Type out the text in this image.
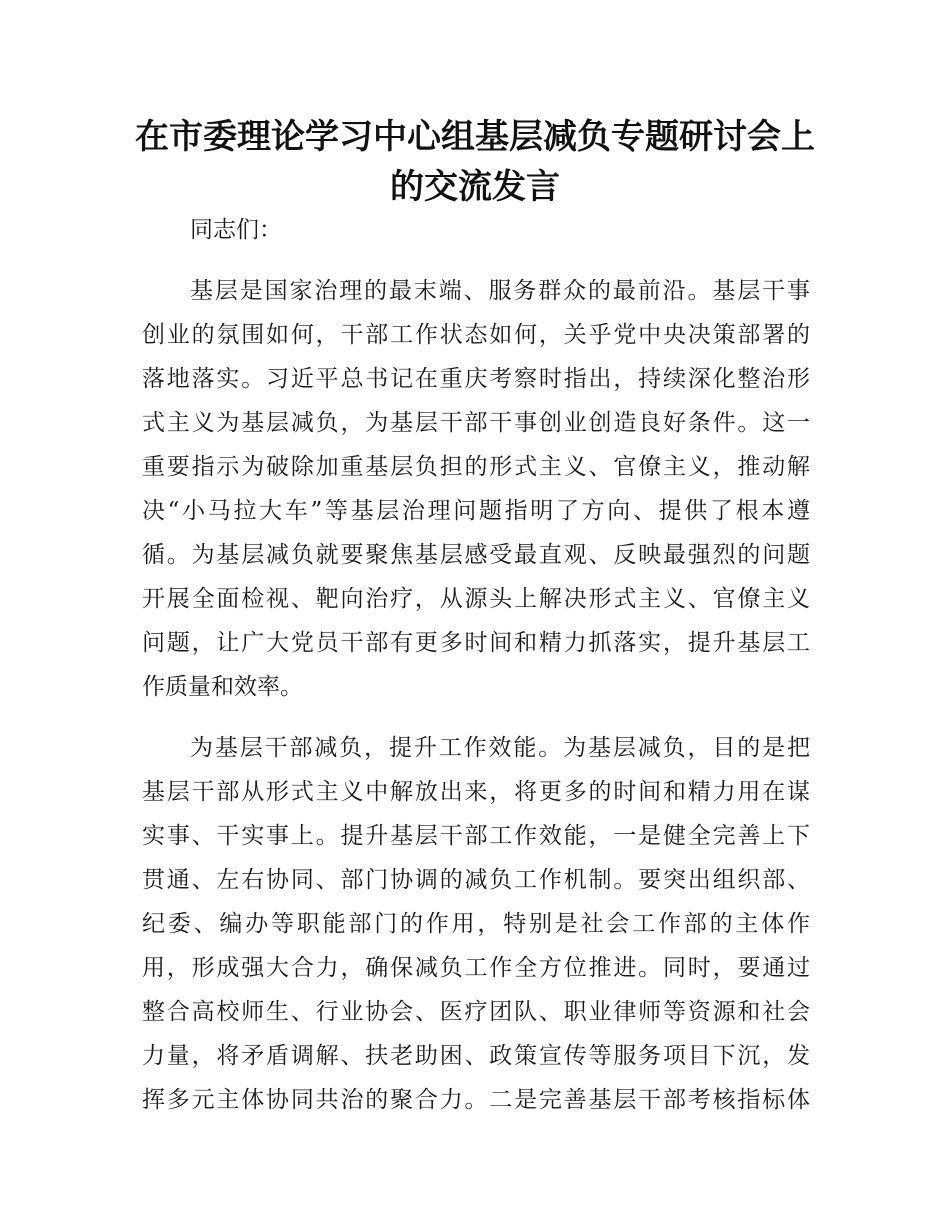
在市委理论学习中心组基层减负专题研讨会上
的交流发言
同志们：
基层是国家治理的最末端、服务群众的最前沿。基层干事
创业的氛围如何，干部工作状态如何，关乎党中央决策部署的
落地落实。习近平总书记在重庆考察时指出，持续深化整治形
式主义为基层减负，为基层干部干事创业创造良好条件。这一
重要指示为破除加重基层负担的形式主义、官僚主义，推动解
决“小马拉大车”等基层治理问题指明了方向、提供了根本遵
循。为基层减负就要聚焦基层感受最直观、反映最强烈的问题
开展全面检视、靶向治疗，从源头上解决形式主义、官僚主义
问题，让广大党员干部有更多时间和精力抓落实，提升基层工
作质量和效率。
为基层干部减负，提升工作效能。为基层减负，目的是把
基层干部从形式主义中解放出来，将更多的时间和精力用在谋
实事、干实事上。提升基层干部工作效能，一是健全完善上下
贯通、左右协同、部门协调的减负工作机制。要突出组织部、
纪委、编办等职能部门的作用，特别是社会工作部的主体作
用，形成强大合力，确保减负工作全方位推进。同时，要通过
整合高校师生、行业协会、医疗团队、职业律师等资源和社会
力量，将矛盾调解、扶老助困、政策宣传等服务项目下沉，发
挥多元主体协同共治的聚合力。二是完善基层干部考核指标体
